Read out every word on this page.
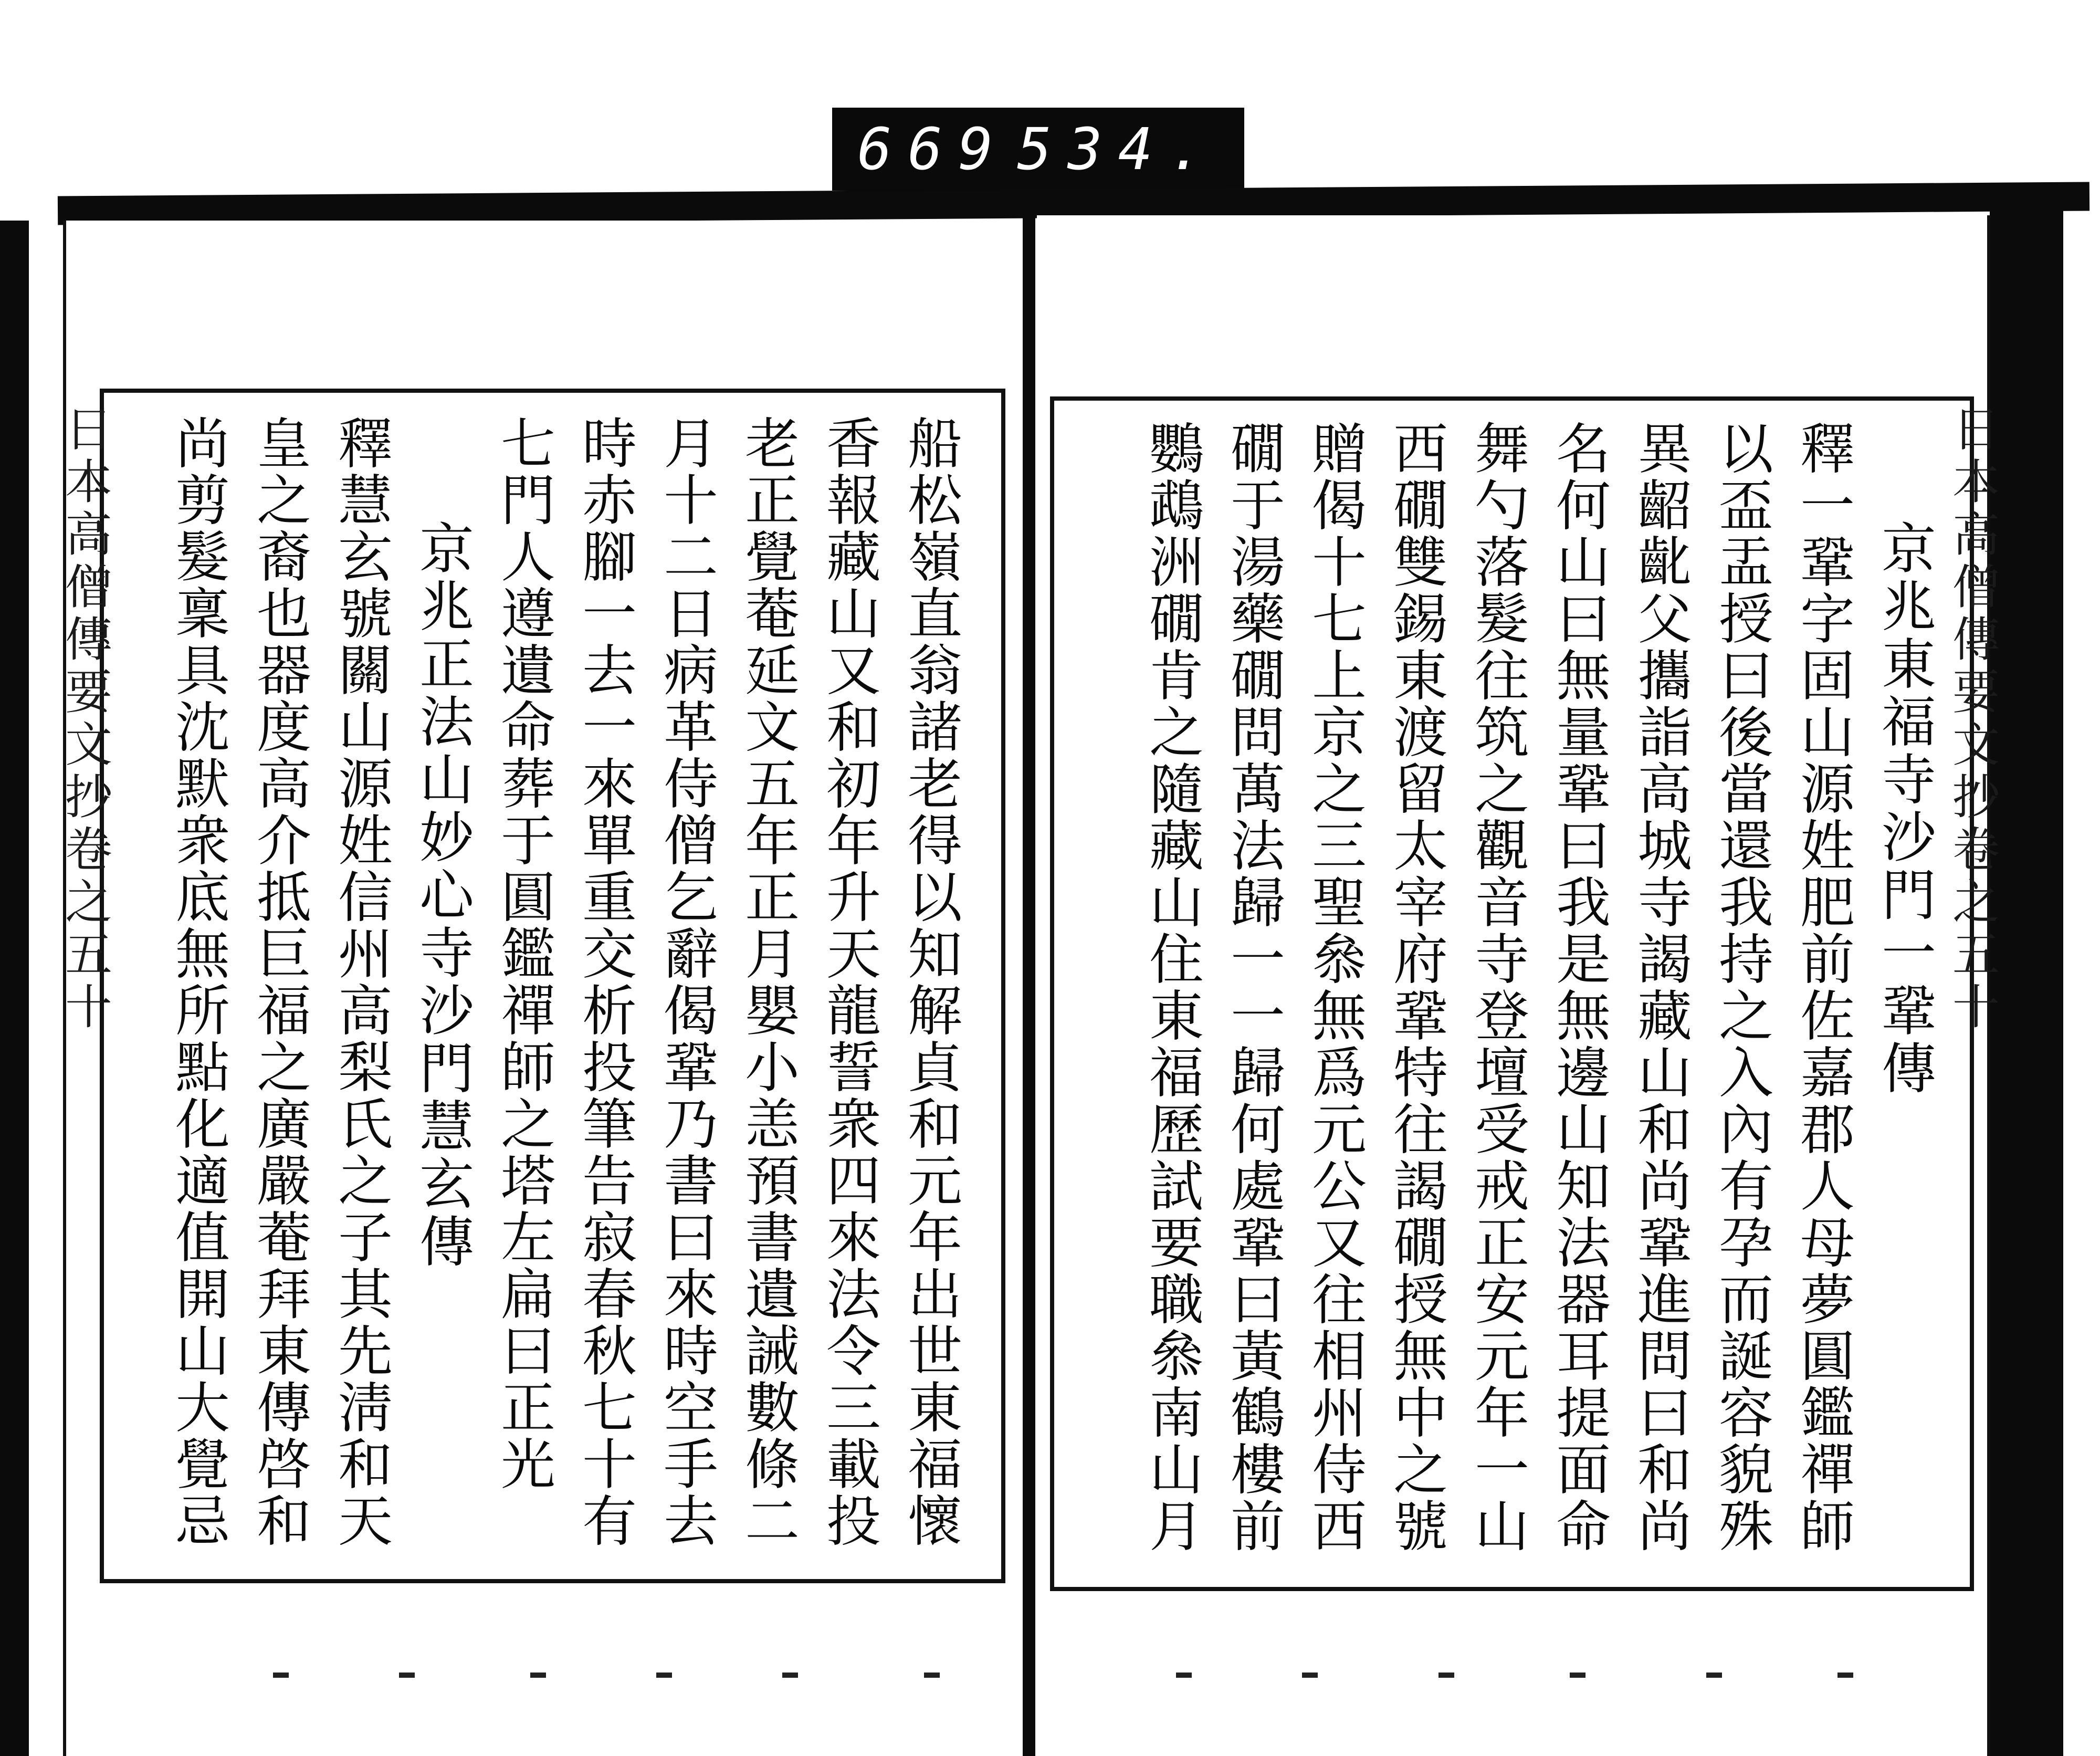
669 534.
日本高僧傳要文抄卷之五十
京兆東福寺沙門一鞏傳
釋一鞏字固山源姓肥前佐嘉郡人母夢圓鑑禪師
以盃盂授曰後當還我持之入內有孕而誕容貌殊
異齠齔父攜詣高城寺謁藏山和尚鞏進問曰和尚
名何山曰無量鞏曰我是無邊山知法器耳提面命
舞勺落髮往筑之觀音寺登壇受戒正安元年一山
西礀雙錫東渡留太宰府鞏特往謁礀授無中之號
贈偈十七上京之三聖叅無爲元公又往相州侍西
礀于湯藥礀問萬法歸一一歸何處鞏曰黃鶴樓前
鸚鵡洲礀肯之隨藏山住東福歷試要職叅南山月
日本高僧傳要文抄卷之五十	船松嶺直翁諸老得以知解貞和元年出世東福懷
香報藏山又和初年升天龍誓衆四來法令三載投
老正覺菴延文五年正月嬰小恙預書遺誡數條二
月十二日病革侍僧乞辭偈鞏乃書曰來時空手去
時赤腳一去一來單重交析投筆告寂春秋七十有
七門人遵遺命葬于圓鑑禪師之塔左扁曰正光
京兆正法山妙心寺沙門慧玄傳
釋慧玄號關山源姓信州高梨氏之子其先淸和天
皇之裔也器度高介抵巨福之廣嚴菴拜東傳啓和
尚剪髮稟具沈默衆底無所點化適值開山大覺忌
